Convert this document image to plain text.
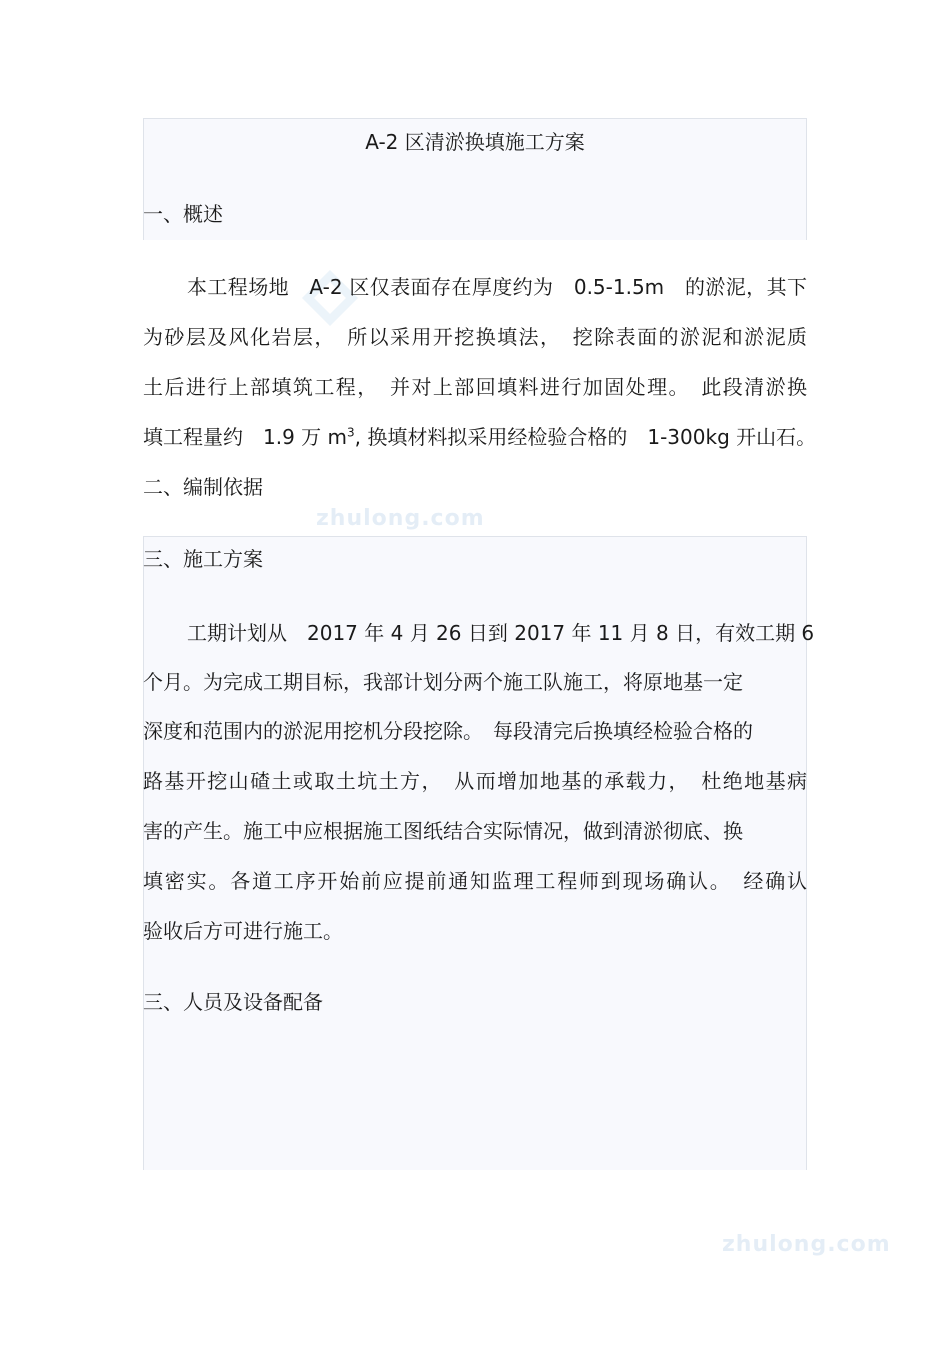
zhulong.com
zhulong.com
A-2 区清淤换填施工方案
一、概述
本工程场地　A-2 区仅表面存在厚度约为　0.5-1.5m　的淤泥，其下
为砂层及风化岩层，　所以采用开挖换填法，　挖除表面的淤泥和淤泥质
土后进行上部填筑工程，　并对上部回填料进行加固处理。　此段清淤换
填工程量约　1.9 万 $m^3$, 换填材料拟采用经检验合格的　1-300kg 开山石。
二、编制依据
三、施工方案
工期计划从　2017 年 4 月 26 日到 2017 年 11 月 8 日，有效工期 6
个月。为完成工期目标，我部计划分两个施工队施工，将原地基一定
深度和范围内的淤泥用挖机分段挖除。　每段清完后换填经检验合格的
路基开挖山碴土或取土坑土方，　从而增加地基的承载力，　杜绝地基病
害的产生。施工中应根据施工图纸结合实际情况，做到清淤彻底、换
填密实。各道工序开始前应提前通知监理工程师到现场确认。　经确认
验收后方可进行施工。
三、人员及设备配备
